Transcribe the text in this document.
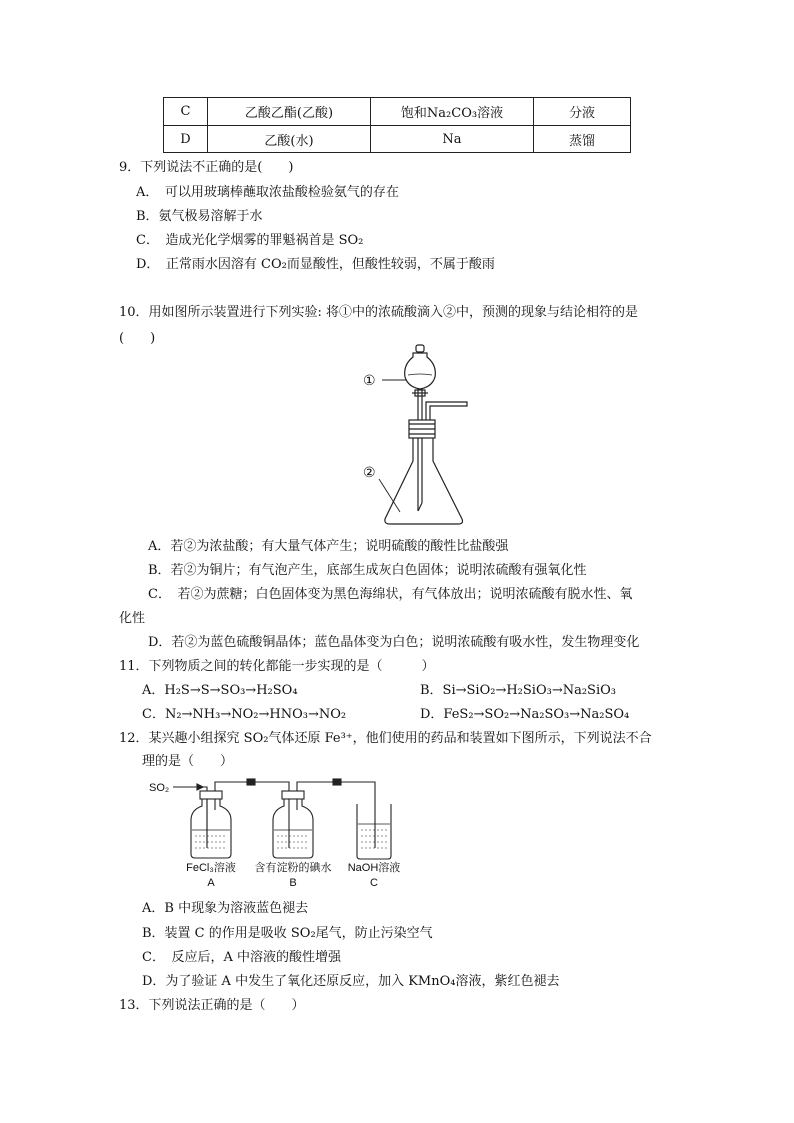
C	乙酸乙酯(乙酸)	饱和Na₂CO₃溶液	分液
D	乙酸(水)	Na	蒸馏
9．下列说法不正确的是(　　)
A．　可以用玻璃棒蘸取浓盐酸检验氨气的存在
B．氨气极易溶解于水
C．　造成光化学烟雾的罪魁祸首是 SO₂
D．　正常雨水因溶有 CO₂而显酸性，但酸性较弱，不属于酸雨
10．用如图所示装置进行下列实验: 将①中的浓硫酸滴入②中，预测的现象与结论相符的是
(　　)
①
②
A．若②为浓盐酸；有大量气体产生；说明硫酸的酸性比盐酸强
B．若②为铜片；有气泡产生，底部生成灰白色固体；说明浓硫酸有强氧化性
C．　若②为蔗糖；白色固体变为黑色海绵状，有气体放出；说明浓硫酸有脱水性、氧
化性
D．若②为蓝色硫酸铜晶体；蓝色晶体变为白色；说明浓硫酸有吸水性，发生物理变化
11．下列物质之间的转化都能一步实现的是（　　　）
A．H₂S→S→SO₃→H₂SO₄	B．Si→SiO₂→H₂SiO₃→Na₂SiO₃
C．N₂→NH₃→NO₂→HNO₃→NO₂	D．FeS₂→SO₂→Na₂SO₃→Na₂SO₄
12．某兴趣小组探究 SO₂气体还原 Fe³⁺，他们使用的药品和装置如下图所示，下列说法不合
理的是（　　）
SO₂
FeCl₃溶液 含有淀粉的碘水 NaOH溶液
A	B	C
A．B 中现象为溶液蓝色褪去
B．装置 C 的作用是吸收 SO₂尾气，防止污染空气
C．　反应后，A 中溶液的酸性增强
D．为了验证 A 中发生了氧化还原反应，加入 KMnO₄溶液，紫红色褪去
13．下列说法正确的是（　　）
